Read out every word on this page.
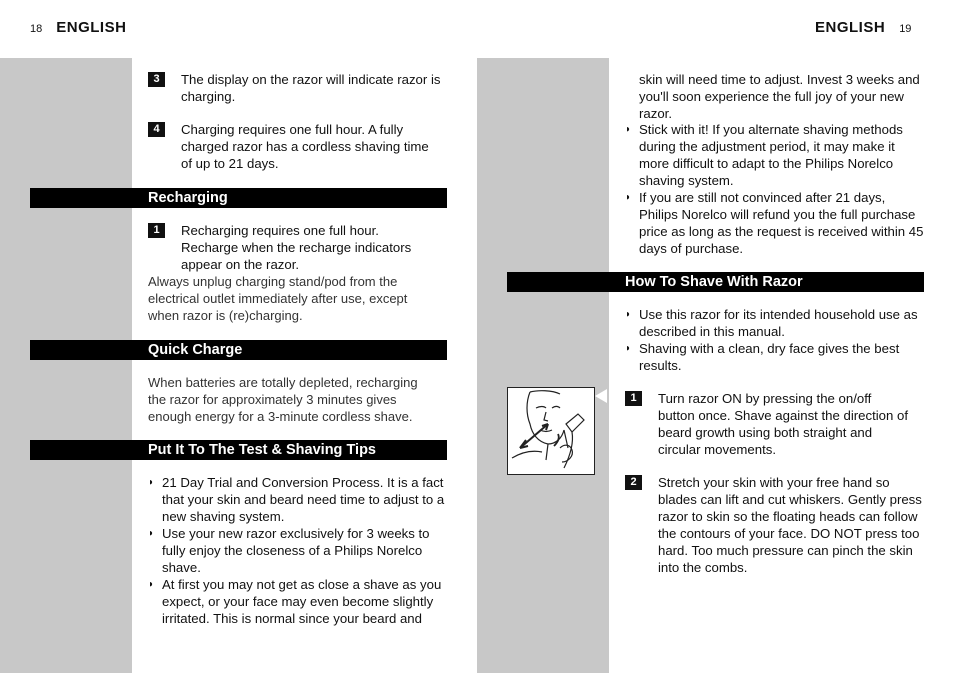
18 ENGLISH	ENGLISH 19
3	The display on the razor will indicate razor is charging.
4	Charging requires one full hour. A fully charged razor has a cordless shaving time of up to 21 days.
Recharging
1	Recharging requires one full hour. Recharge when the recharge indicators appear on the razor.
Always unplug charging stand/pod from the electrical outlet immediately after use, except when razor is (re)charging.
Quick Charge
When batteries are totally depleted, recharging the razor for approximately 3 minutes gives enough energy for a 3-minute cordless shave.
Put It To The Test & Shaving Tips
◗ 21 Day Trial and Conversion Process. It is a fact that your skin and beard need time to adjust to a new shaving system.
◗ Use your new razor exclusively for 3 weeks to fully enjoy the closeness of a Philips Norelco shave.
◗ At first you may not get as close a shave as you expect, or your face may even become slightly irritated. This is normal since your beard and
skin will need time to adjust. Invest 3 weeks and you'll soon experience the full joy of your new razor.
◗ Stick with it! If you alternate shaving methods during the adjustment period, it may make it more difficult to adapt to the Philips Norelco shaving system.
◗ If you are still not convinced after 21 days, Philips Norelco will refund you the full purchase price as long as the request is received within 45 days of purchase.
How To Shave With Razor
◗ Use this razor for its intended household use as described in this manual.
◗ Shaving with a clean, dry face gives the best results.
1	Turn razor ON by pressing the on/off button once. Shave against the direction of beard growth using both straight and circular movements.
2	Stretch your skin with your free hand so blades can lift and cut whiskers. Gently press razor to skin so the floating heads can follow the contours of your face. DO NOT press too hard. Too much pressure can pinch the skin into the combs.
